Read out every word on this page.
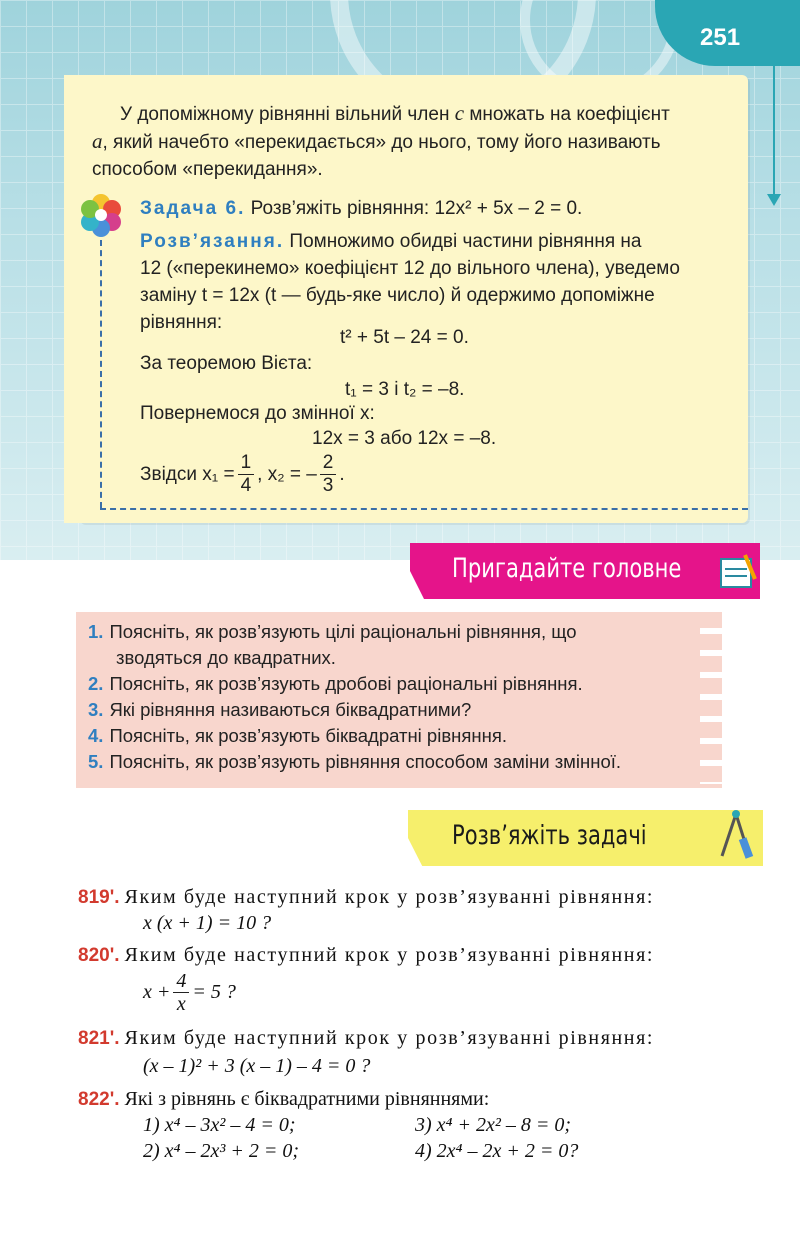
251
У допоміжному рівнянні вільний член c множать на коефіцієнт
a, який начебто «перекидається» до нього, тому його називають
способом «перекидання».
Задача 6. Розв’яжіть рівняння: 12x² + 5x – 2 = 0.
Розв’язання. Помножимо обидві частини рівняння на
12 («перекинемо» коефіцієнт 12 до вільного члена), уведемо
заміну t = 12x (t — будь-яке число) й одержимо допоміжне
рівняння:
t² + 5t – 24 = 0.
За теоремою Вієта:
t₁ = 3 і t₂ = –8.
Повернемося до змінної x:
12x = 3 або 12x = –8.
Звідси $x_1 = \frac{1}{4}$ , x₂ = – $\frac{2}{3}$ .
Пригадайте головне
1. Поясніть, як розв’язують цілі раціональні рівняння, що
зводяться до квадратних.
2. Поясніть, як розв’язують дробові раціональні рівняння.
3. Які рівняння називаються біквадратними?
4. Поясніть, як розв’язують біквадратні рівняння.
5. Поясніть, як розв’язують рівняння способом заміни змінної.
Розв’яжіть задачі
819'. Яким буде наступний крок у розв’язуванні рівняння:
x (x + 1) = 10 ?
820'. Яким буде наступний крок у розв’язуванні рівняння:
$x + \frac{4}{x} = 5$ ?
821'. Яким буде наступний крок у розв’язуванні рівняння:
(x – 1)² + 3 (x – 1) – 4 = 0 ?
822'. Які з рівнянь є біквадратними рівняннями:
1) x⁴ – 3x² – 4 = 0;
2) x⁴ – 2x³ + 2 = 0;
3) x⁴ + 2x² – 8 = 0;
4) 2x⁴ – 2x + 2 = 0?
